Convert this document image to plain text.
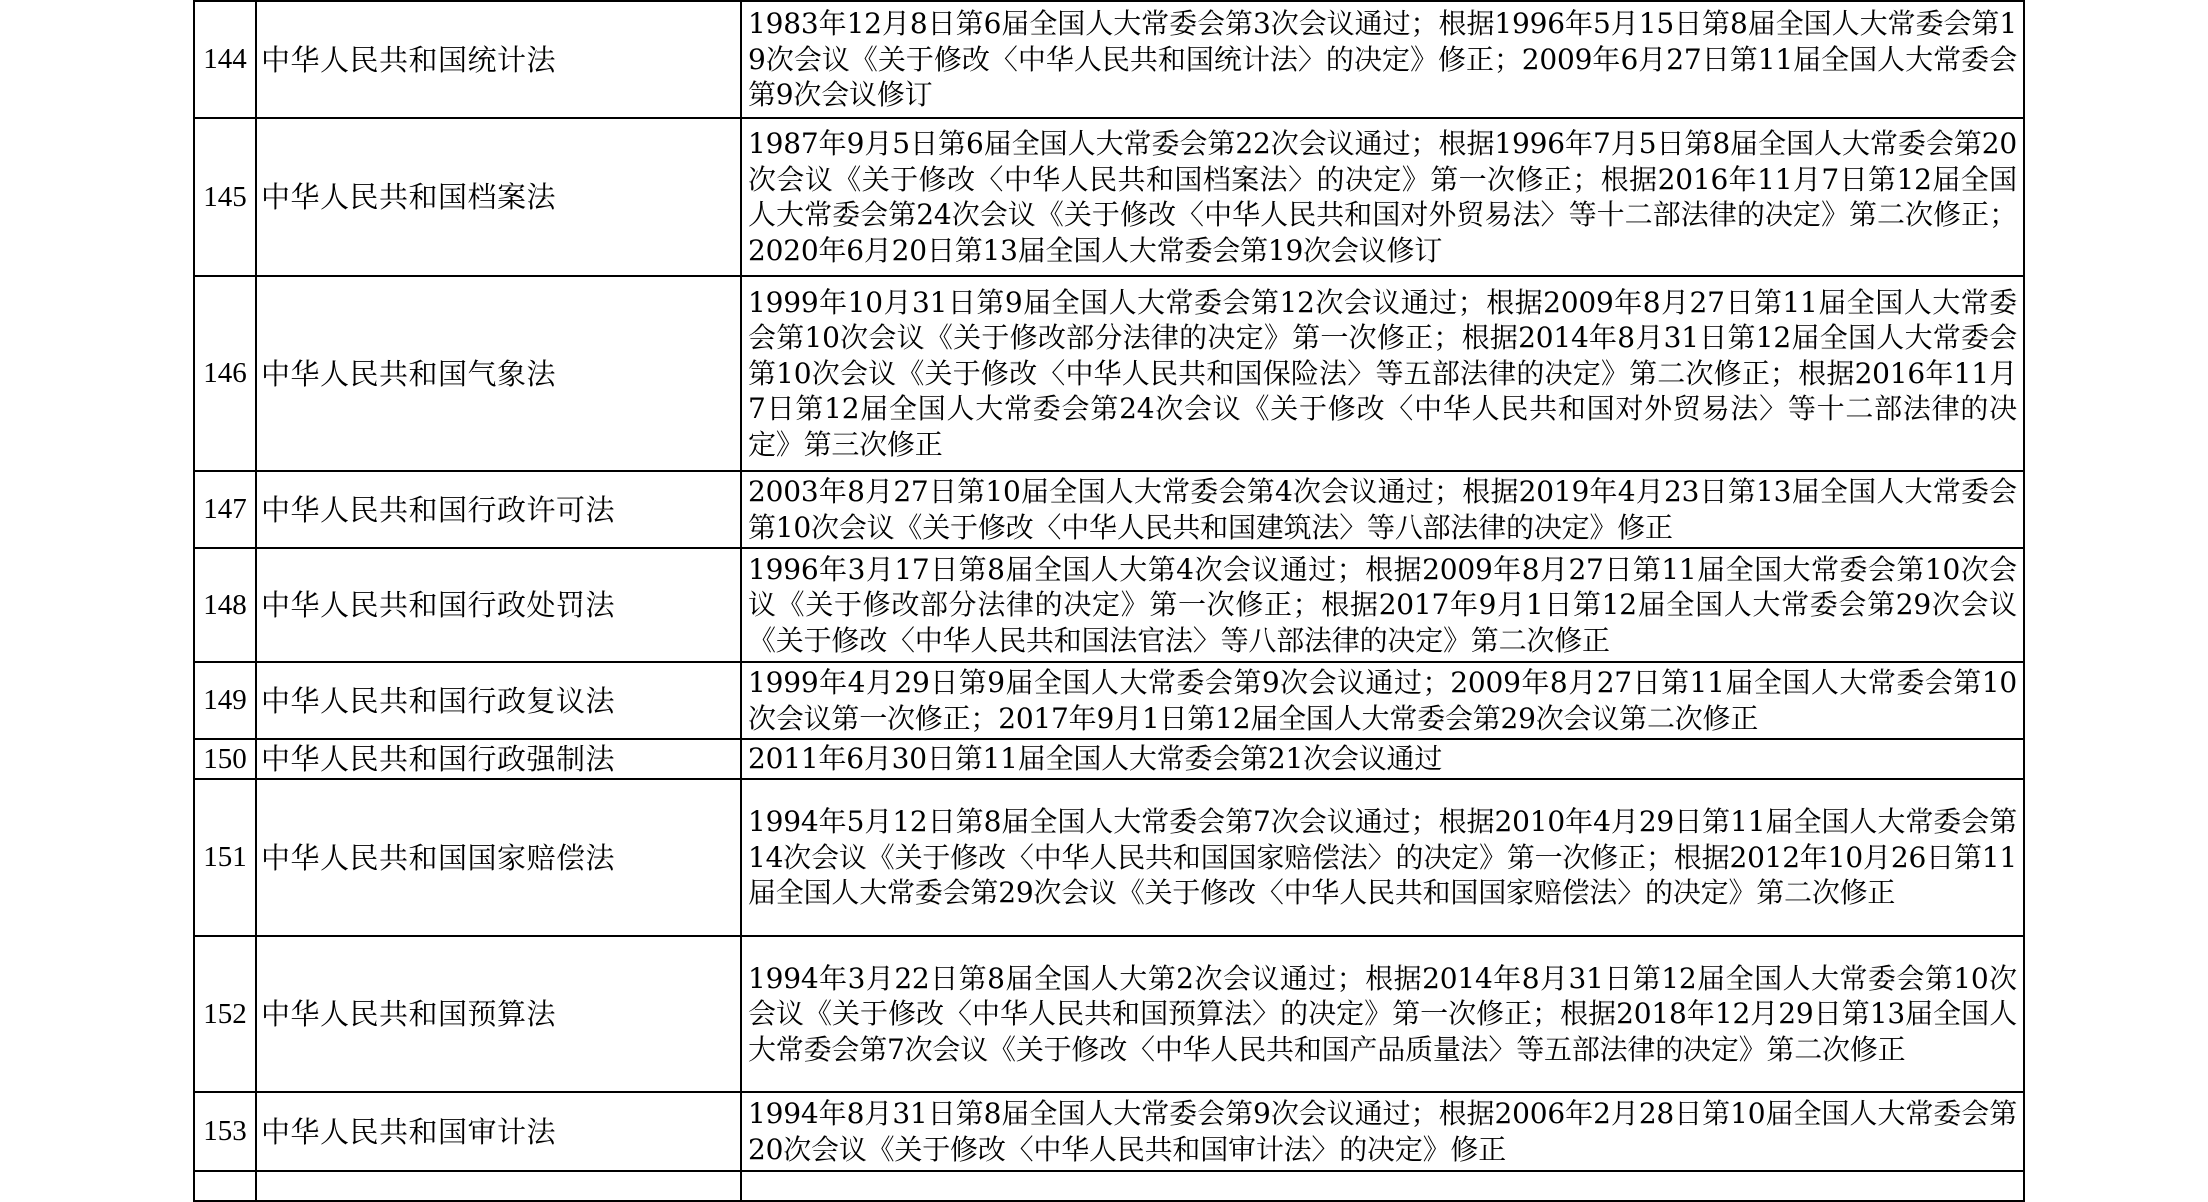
144	中华人民共和国统计法	1983年12月8日第6届全国人大常委会第3次会议通过；根据1996年5月15日第8届全国人大常委会第19次会议《关于修改〈中华人民共和国统计法〉的决定》修正；2009年6月27日第11届全国人大常委会第9次会议修订
145	中华人民共和国档案法	1987年9月5日第6届全国人大常委会第22次会议通过；根据1996年7月5日第8届全国人大常委会第20次会议《关于修改〈中华人民共和国档案法〉的决定》第一次修正；根据2016年11月7日第12届全国人大常委会第24次会议《关于修改〈中华人民共和国对外贸易法〉等十二部法律的决定》第二次修正；2020年6月20日第13届全国人大常委会第19次会议修订
146	中华人民共和国气象法	1999年10月31日第9届全国人大常委会第12次会议通过；根据2009年8月27日第11届全国人大常委会第10次会议《关于修改部分法律的决定》第一次修正；根据2014年8月31日第12届全国人大常委会第10次会议《关于修改〈中华人民共和国保险法〉等五部法律的决定》第二次修正；根据2016年11月7日第12届全国人大常委会第24次会议《关于修改〈中华人民共和国对外贸易法〉等十二部法律的决定》第三次修正
147	中华人民共和国行政许可法	2003年8月27日第10届全国人大常委会第4次会议通过；根据2019年4月23日第13届全国人大常委会第10次会议《关于修改〈中华人民共和国建筑法〉等八部法律的决定》修正
148	中华人民共和国行政处罚法	1996年3月17日第8届全国人大第4次会议通过；根据2009年8月27日第11届全国大常委会第10次会议《关于修改部分法律的决定》第一次修正；根据2017年9月1日第12届全国人大常委会第29次会议《关于修改〈中华人民共和国法官法〉等八部法律的决定》第二次修正
149	中华人民共和国行政复议法	1999年4月29日第9届全国人大常委会第9次会议通过；2009年8月27日第11届全国人大常委会第10次会议第一次修正；2017年9月1日第12届全国人大常委会第29次会议第二次修正
150	中华人民共和国行政强制法	2011年6月30日第11届全国人大常委会第21次会议通过
151	中华人民共和国国家赔偿法	1994年5月12日第8届全国人大常委会第7次会议通过；根据2010年4月29日第11届全国人大常委会第14次会议《关于修改〈中华人民共和国国家赔偿法〉的决定》第一次修正；根据2012年10月26日第11届全国人大常委会第29次会议《关于修改〈中华人民共和国国家赔偿法〉的决定》第二次修正
152	中华人民共和国预算法	1994年3月22日第8届全国人大第2次会议通过；根据2014年8月31日第12届全国人大常委会第10次会议《关于修改〈中华人民共和国预算法〉的决定》第一次修正；根据2018年12月29日第13届全国人大常委会第7次会议《关于修改〈中华人民共和国产品质量法〉等五部法律的决定》第二次修正
153	中华人民共和国审计法	1994年8月31日第8届全国人大常委会第9次会议通过；根据2006年2月28日第10届全国人大常委会第20次会议《关于修改〈中华人民共和国审计法〉的决定》修正
